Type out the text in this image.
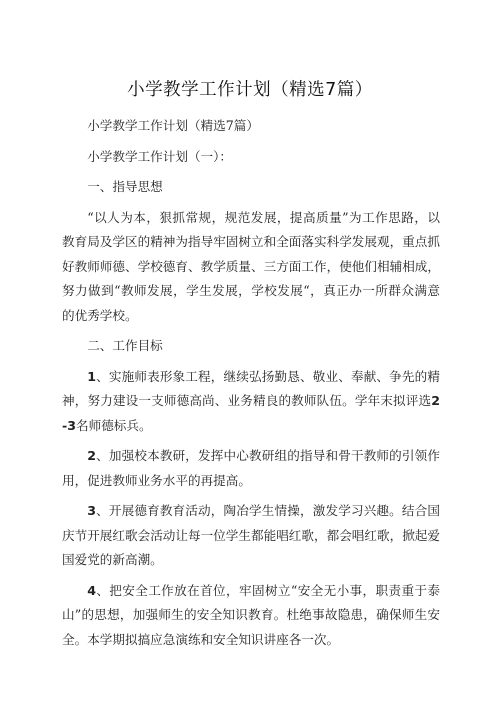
小学教学工作计划（精选7篇）

小学教学工作计划（精选7篇）

小学教学工作计划（一）：

一、指导思想

“以人为本，狠抓常规，规范发展，提高质量”为工作思路，以教育局及学区的精神为指导牢固树立和全面落实科学发展观，重点抓好教师师德、学校德育、教学质量、三方面工作，使他们相辅相成，努力做到“教师发展，学生发展，学校发展“，真正办一所群众满意的优秀学校。

二、工作目标

1、实施师表形象工程，继续弘扬勤恳、敬业、奉献、争先的精神，努力建设一支师德高尚、业务精良的教师队伍。学年末拟评选2-3名师德标兵。

2、加强校本教研，发挥中心教研组的指导和骨干教师的引领作用，促进教师业务水平的再提高。

3、开展德育教育活动，陶冶学生情操，激发学习兴趣。结合国庆节开展红歌会活动让每一位学生都能唱红歌，都会唱红歌，掀起爱国爱党的新高潮。

4、把安全工作放在首位，牢固树立“安全无小事，职责重于泰山”的思想，加强师生的安全知识教育。杜绝事故隐患，确保师生安全。本学期拟搞应急演练和安全知识讲座各一次。
